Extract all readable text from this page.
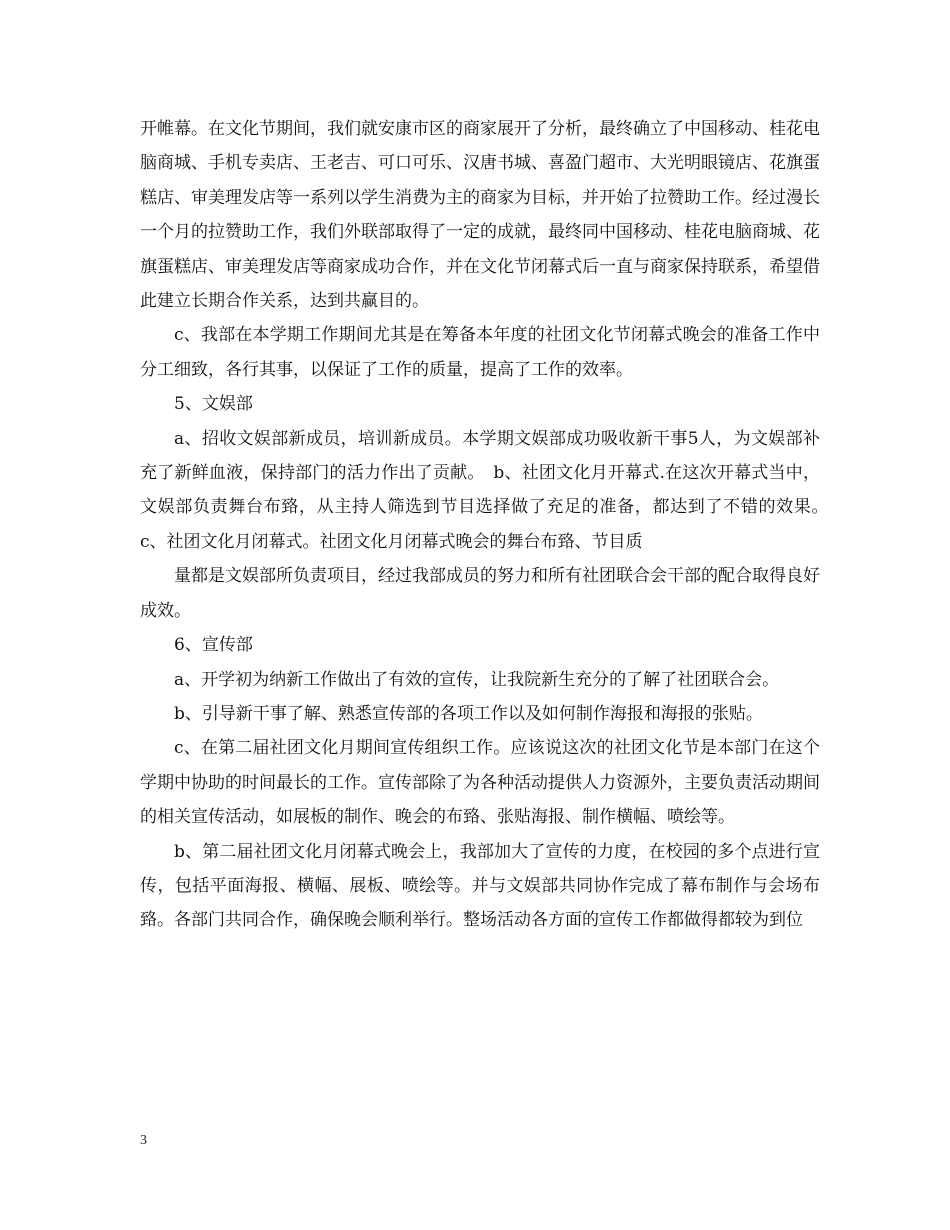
开帷幕。在文化节期间，我们就安康市区的商家展开了分析，最终确立了中国移动、桂花电脑商城、手机专卖店、王老吉、可口可乐、汉唐书城、喜盈门超市、大光明眼镜店、花旗蛋糕店、审美理发店等一系列以学生消费为主的商家为目标，并开始了拉赞助工作。经过漫长一个月的拉赞助工作，我们外联部取得了一定的成就，最终同中国移动、桂花电脑商城、花旗蛋糕店、审美理发店等商家成功合作，并在文化节闭幕式后一直与商家保持联系，希望借此建立长期合作关系，达到共赢目的。

c、我部在本学期工作期间尤其是在筹备本年度的社团文化节闭幕式晚会的准备工作中分工细致，各行其事，以保证了工作的质量，提高了工作的效率。

5、文娱部

a、招收文娱部新成员，培训新成员。本学期文娱部成功吸收新干事5人，为文娱部补充了新鲜血液，保持部门的活力作出了贡献。　b、社团文化月开幕式.在这次开幕式当中，文娱部负责舞台布臵，从主持人筛选到节目选择做了充足的准备，都达到了不错的效果。　c、社团文化月闭幕式。社团文化月闭幕式晚会的舞台布臵、节目质

量都是文娱部所负责项目，经过我部成员的努力和所有社团联合会干部的配合取得良好成效。

6、宣传部

a、开学初为纳新工作做出了有效的宣传，让我院新生充分的了解了社团联合会。

b、引导新干事了解、熟悉宣传部的各项工作以及如何制作海报和海报的张贴。

c、在第二届社团文化月期间宣传组织工作。应该说这次的社团文化节是本部门在这个学期中协助的时间最长的工作。宣传部除了为各种活动提供人力资源外，主要负责活动期间的相关宣传活动，如展板的制作、晚会的布臵、张贴海报、制作横幅、喷绘等。

b、第二届社团文化月闭幕式晚会上，我部加大了宣传的力度，在校园的多个点进行宣传，包括平面海报、横幅、展板、喷绘等。并与文娱部共同协作完成了幕布制作与会场布臵。各部门共同合作，确保晚会顺利举行。整场活动各方面的宣传工作都做得都较为到位

3
